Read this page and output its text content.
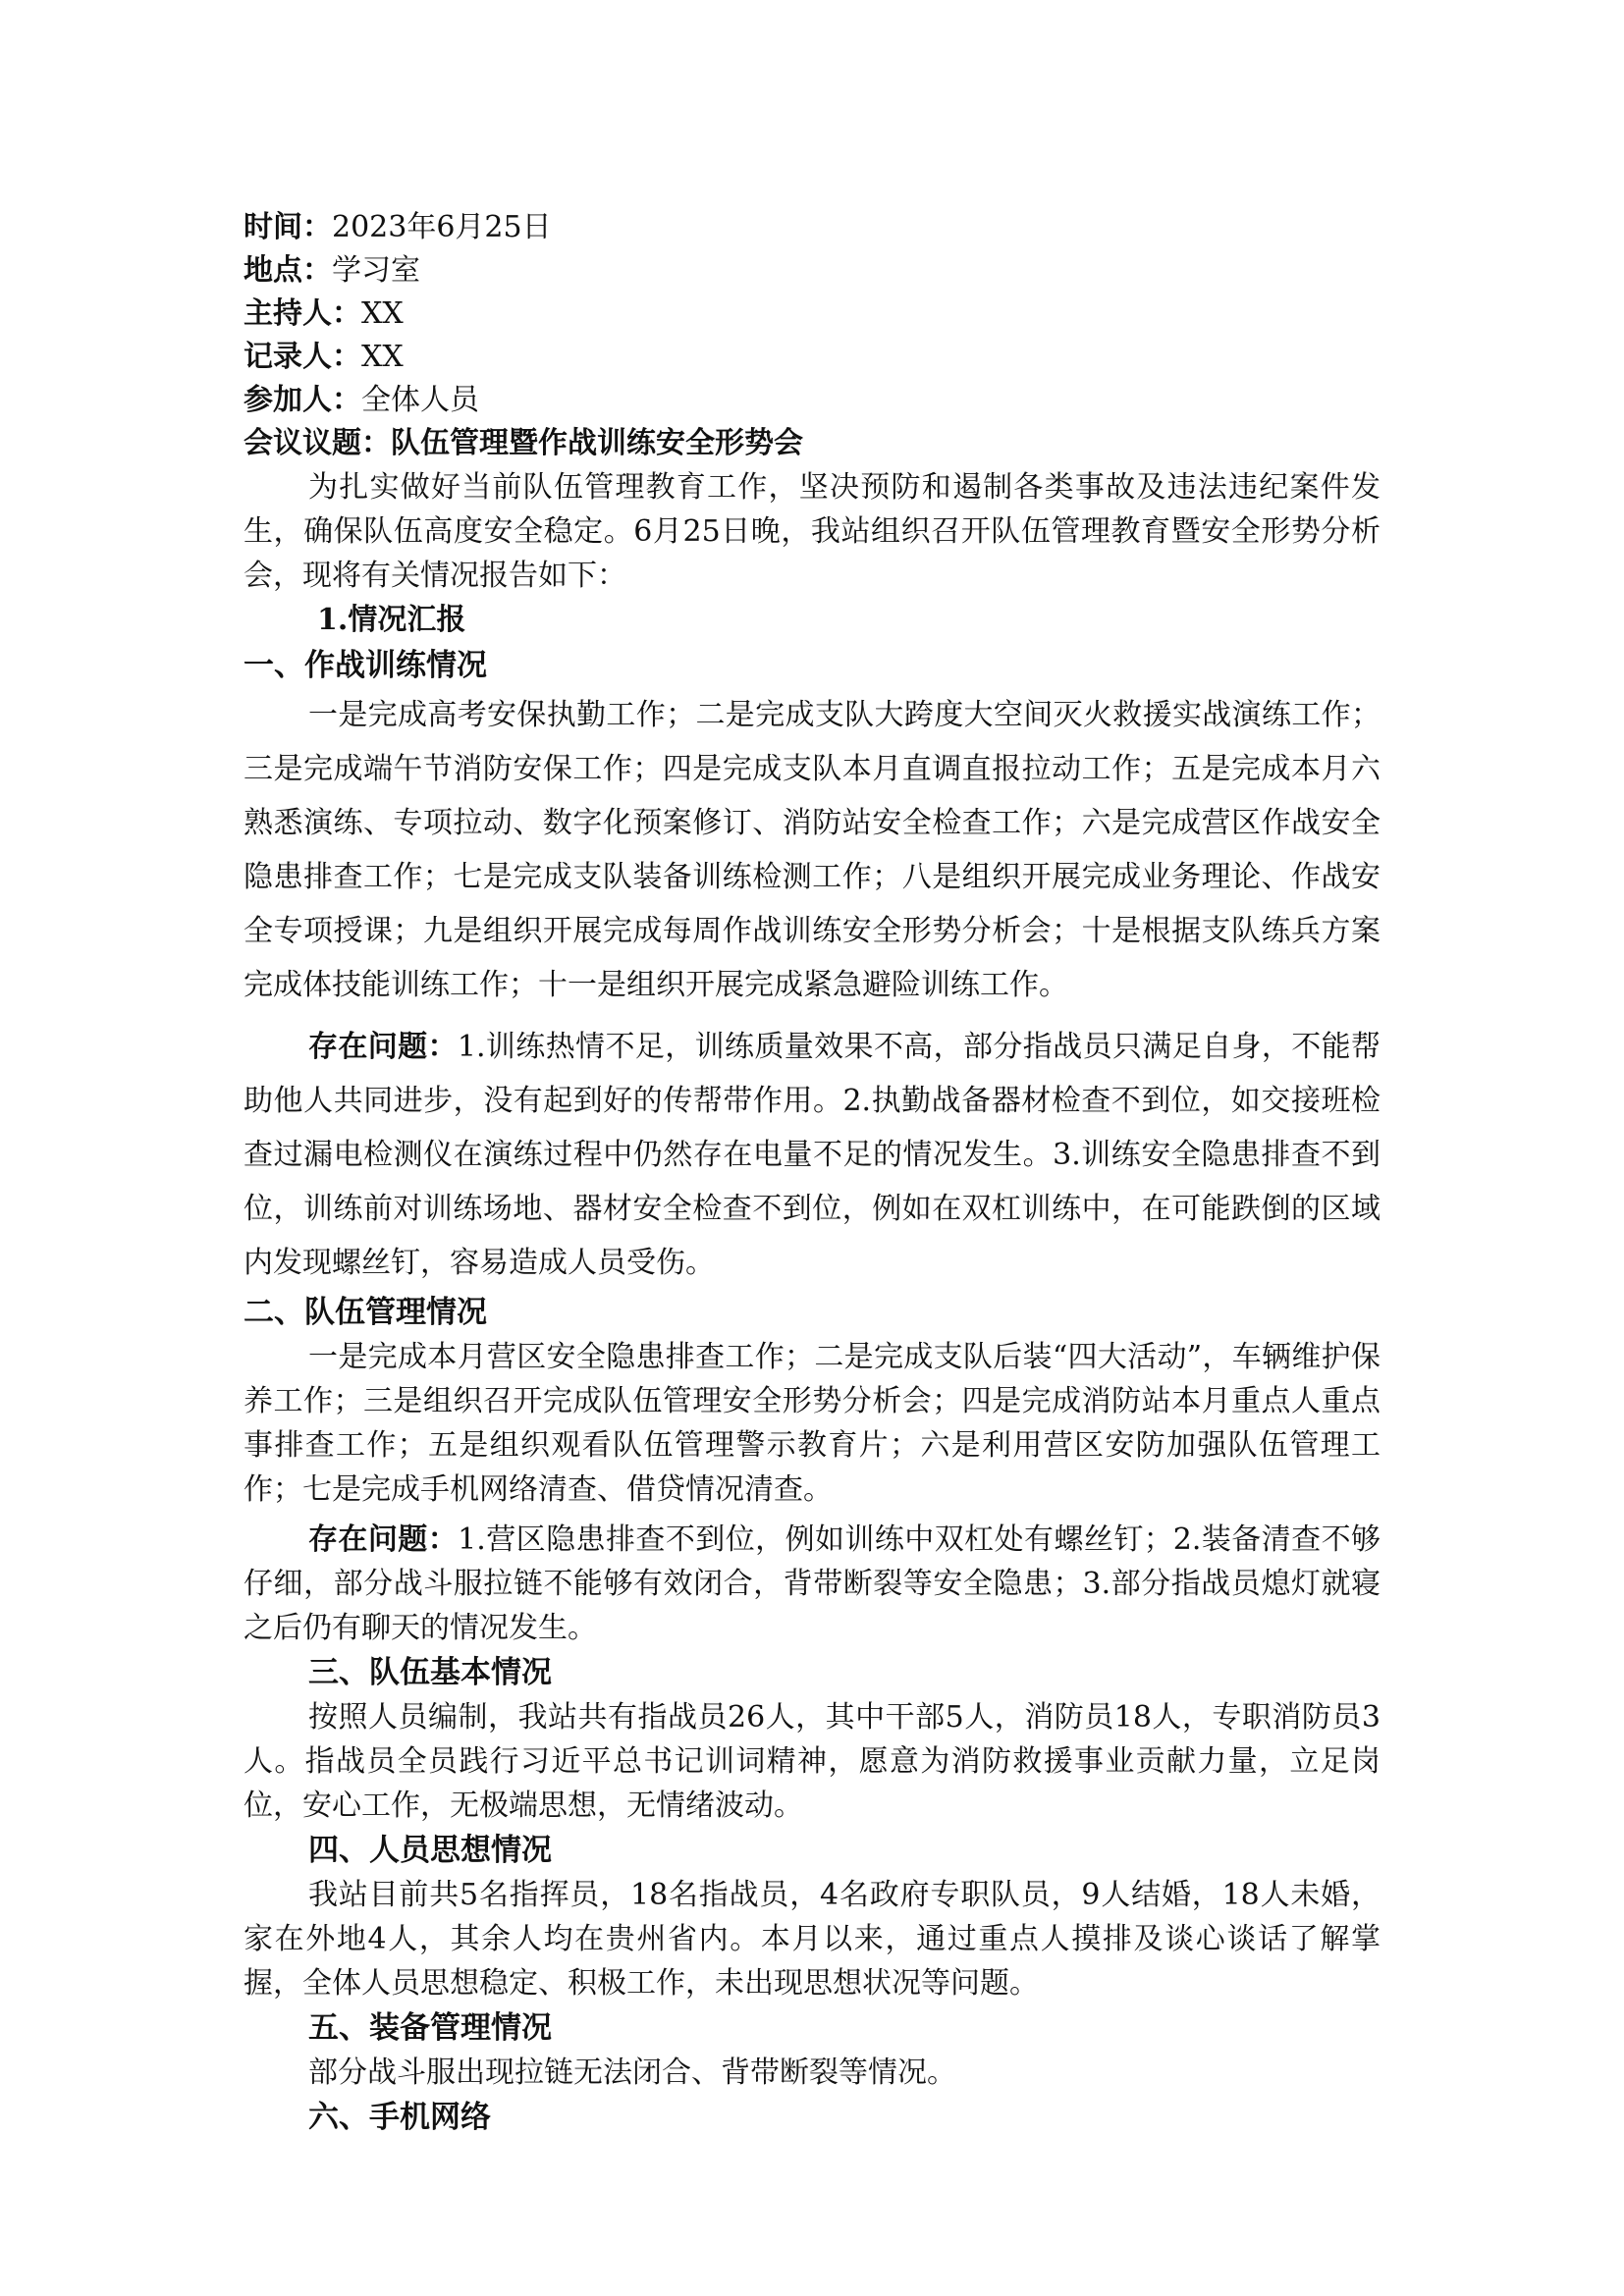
时间：2023年6月25日

地点：学习室

主持人：XX

记录人：XX

参加人：全体人员

会议议题：队伍管理暨作战训练安全形势会

为扎实做好当前队伍管理教育工作，坚决预防和遏制各类事故及违法违纪案件发生，确保队伍高度安全稳定。6月25日晚，我站组织召开队伍管理教育暨安全形势分析会，现将有关情况报告如下：

1.情况汇报

一、作战训练情况

一是完成高考安保执勤工作；二是完成支队大跨度大空间灭火救援实战演练工作；三是完成端午节消防安保工作；四是完成支队本月直调直报拉动工作；五是完成本月六熟悉演练、专项拉动、数字化预案修订、消防站安全检查工作；六是完成营区作战安全隐患排查工作；七是完成支队装备训练检测工作；八是组织开展完成业务理论、作战安全专项授课；九是组织开展完成每周作战训练安全形势分析会；十是根据支队练兵方案完成体技能训练工作；十一是组织开展完成紧急避险训练工作。

存在问题：1.训练热情不足，训练质量效果不高，部分指战员只满足自身，不能帮助他人共同进步，没有起到好的传帮带作用。2.执勤战备器材检查不到位，如交接班检查过漏电检测仪在演练过程中仍然存在电量不足的情况发生。3.训练安全隐患排查不到位，训练前对训练场地、器材安全检查不到位，例如在双杠训练中，在可能跌倒的区域内发现螺丝钉，容易造成人员受伤。

二、队伍管理情况

一是完成本月营区安全隐患排查工作；二是完成支队后装“四大活动”，车辆维护保养工作；三是组织召开完成队伍管理安全形势分析会；四是完成消防站本月重点人重点事排查工作；五是组织观看队伍管理警示教育片；六是利用营区安防加强队伍管理工作；七是完成手机网络清查、借贷情况清查。

存在问题：1.营区隐患排查不到位，例如训练中双杠处有螺丝钉；2.装备清查不够仔细，部分战斗服拉链不能够有效闭合，背带断裂等安全隐患；3.部分指战员熄灯就寝之后仍有聊天的情况发生。

三、队伍基本情况

按照人员编制，我站共有指战员26人，其中干部5人，消防员18人，专职消防员3人。指战员全员践行习近平总书记训词精神，愿意为消防救援事业贡献力量，立足岗位，安心工作，无极端思想，无情绪波动。

四、人员思想情况

我站目前共5名指挥员，18名指战员，4名政府专职队员，9人结婚，18人未婚，家在外地4人，其余人均在贵州省内。本月以来，通过重点人摸排及谈心谈话了解掌握，全体人员思想稳定、积极工作，未出现思想状况等问题。

五、装备管理情况

部分战斗服出现拉链无法闭合、背带断裂等情况。

六、手机网络
